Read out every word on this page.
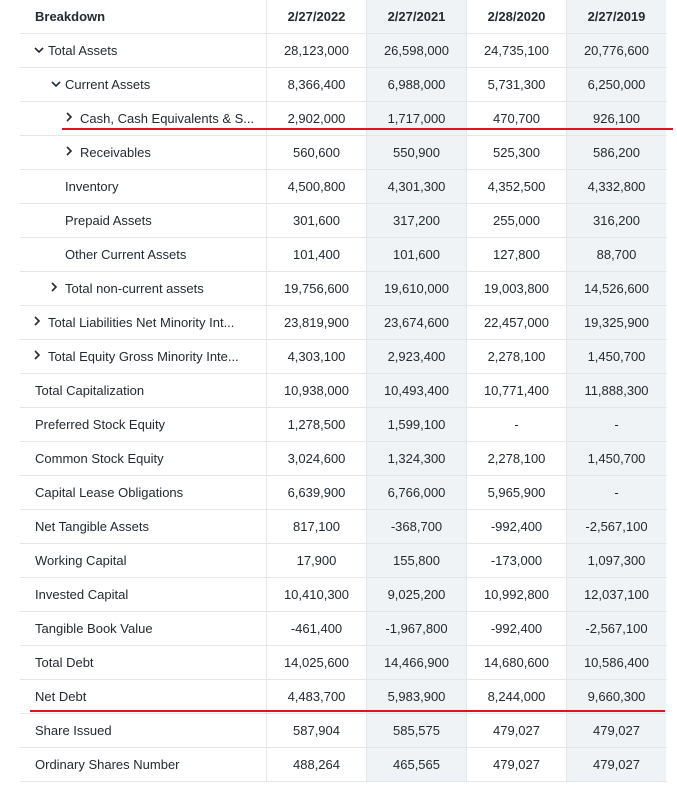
Breakdown	2/27/2022	2/27/2021	2/28/2020	2/27/2019
Total Assets	28,123,000	26,598,000	24,735,100	20,776,600
Current Assets	8,366,400	6,988,000	5,731,300	6,250,000
Cash, Cash Equivalents & S...	2,902,000	1,717,000	470,700	926,100
Receivables	560,600	550,900	525,300	586,200
Inventory	4,500,800	4,301,300	4,352,500	4,332,800
Prepaid Assets	301,600	317,200	255,000	316,200
Other Current Assets	101,400	101,600	127,800	88,700
Total non-current assets	19,756,600	19,610,000	19,003,800	14,526,600
Total Liabilities Net Minority Int...	23,819,900	23,674,600	22,457,000	19,325,900
Total Equity Gross Minority Inte...	4,303,100	2,923,400	2,278,100	1,450,700
Total Capitalization	10,938,000	10,493,400	10,771,400	11,888,300
Preferred Stock Equity	1,278,500	1,599,100	-	-
Common Stock Equity	3,024,600	1,324,300	2,278,100	1,450,700
Capital Lease Obligations	6,639,900	6,766,000	5,965,900	-
Net Tangible Assets	817,100	-368,700	-992,400	-2,567,100
Working Capital	17,900	155,800	-173,000	1,097,300
Invested Capital	10,410,300	9,025,200	10,992,800	12,037,100
Tangible Book Value	-461,400	-1,967,800	-992,400	-2,567,100
Total Debt	14,025,600	14,466,900	14,680,600	10,586,400
Net Debt	4,483,700	5,983,900	8,244,000	9,660,300
Share Issued	587,904	585,575	479,027	479,027
Ordinary Shares Number	488,264	465,565	479,027	479,027
